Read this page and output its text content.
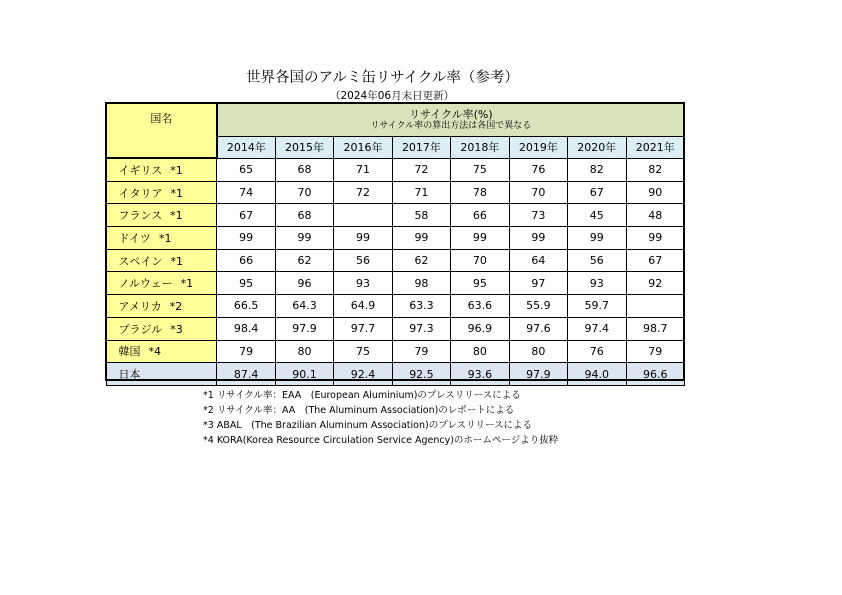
世界各国のアルミ缶リサイクル率（参考）
（2024年06月末日更新）
国名	リサイクル率(%)
リサイクル率の算出方法は各国で異なる							

	2014年	2015年	2016年	2017年	2018年	2019年	2020年	2021年
イギリス *1	65	68	71	72	75	76	82	82
イタリア *1	74	70	72	71	78	70	67	90
フランス *1	67	68		58	66	73	45	48
ドイツ *1	99	99	99	99	99	99	99	99
スペイン *1	66	62	56	62	70	64	56	67
ノルウェー *1	95	96	93	98	95	97	93	92
アメリカ *2	66.5	64.3	64.9	63.3	63.6	55.9	59.7	
ブラジル *3	98.4	97.9	97.7	97.3	96.9	97.6	97.4	98.7
韓国 *4	79	80	75	79	80	80	76	79
日本	87.4	90.1	92.4	92.5	93.6	97.9	94.0	96.6
*1 リサイクル率：EAA　(European Aluminium)のプレスリリースによる
*2 リサイクル率：AA　(The Aluminum Association)のレポートによる
*3 ABAL　(The Brazilian Aluminum Association)のプレスリリースによる
*4 KORA(Korea Resource Circulation Service Agency)のホームページより抜粋
